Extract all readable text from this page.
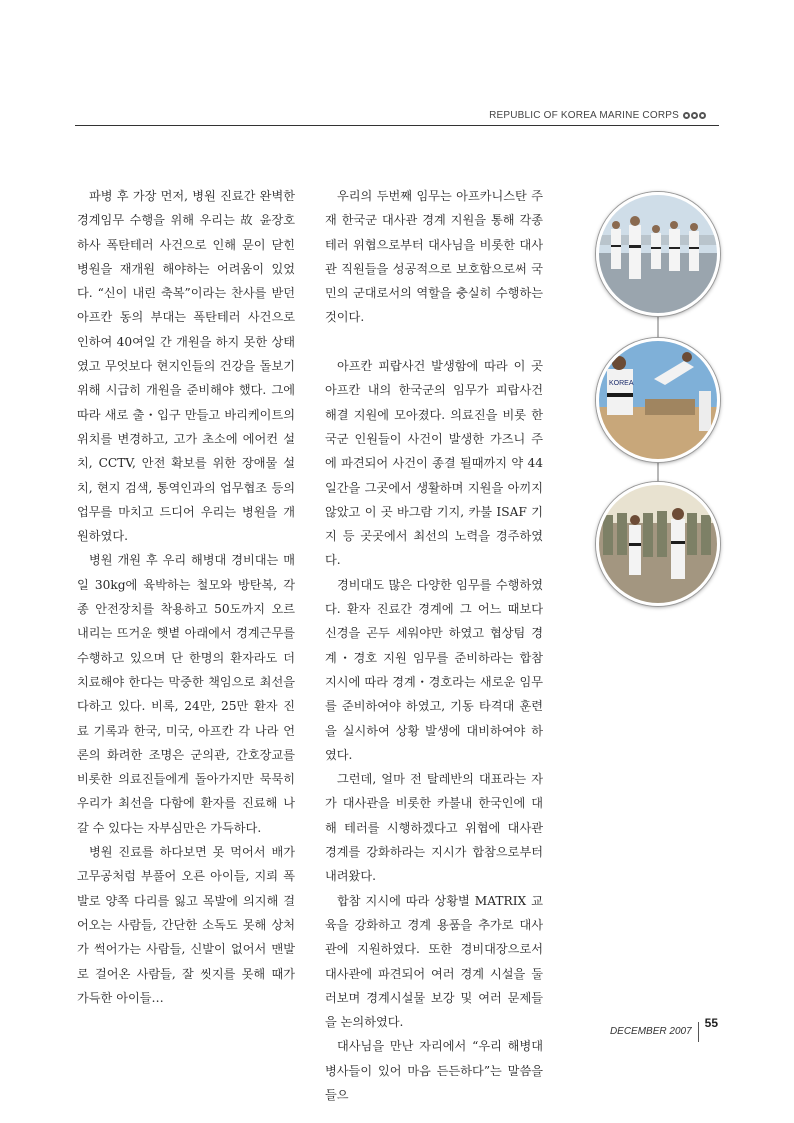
REPUBLIC OF KOREA MARINE CORPS

파병 후 가장 먼저, 병원 진료간 완벽한 경계임무 수행을 위해 우리는 故 윤장호 하사 폭탄테러 사건으로 인해 문이 닫힌 병원을 재개원 해야하는 어려움이 있었다. “신이 내린 축복”이라는 찬사를 받던 아프칸 동의 부대는 폭탄테러 사건으로 인하여 40여일 간 개원을 하지 못한 상태였고 무엇보다 현지인들의 건강을 돌보기 위해 시급히 개원을 준비해야 했다. 그에 따라 새로 출・입구 만들고 바리케이트의 위치를 변경하고, 고가 초소에 에어컨 설치, CCTV, 안전 확보를 위한 장애물 설치, 현지 검색, 통역인과의 업무협조 등의 업무를 마치고 드디어 우리는 병원을 개원하였다.

병원 개원 후 우리 해병대 경비대는 매일 30kg에 육박하는 철모와 방탄복, 각종 안전장치를 착용하고 50도까지 오르내리는 뜨거운 햇볕 아래에서 경계근무를 수행하고 있으며 단 한명의 환자라도 더 치료해야 한다는 막중한 책임으로 최선을 다하고 있다. 비록, 24만, 25만 환자 진료 기록과 한국, 미국, 아프칸 각 나라 언론의 화려한 조명은 군의관, 간호장교를 비롯한 의료진들에게 돌아가지만 묵묵히 우리가 최선을 다함에 환자를 진료해 나갈 수 있다는 자부심만은 가득하다.

병원 진료를 하다보면 못 먹어서 배가 고무공처럼 부풀어 오른 아이들, 지뢰 폭발로 양쪽 다리를 잃고 목발에 의지해 걸어오는 사람들, 간단한 소독도 못해 상처가 썩어가는 사람들, 신발이 없어서 맨발로 걸어온 사람들, 잘 씻지를 못해 때가 가득한 아이들…

우리의 두번째 임무는 아프카니스탄 주재 한국군 대사관 경계 지원을 통해 각종 테러 위협으로부터 대사님을 비롯한 대사관 직원들을 성공적으로 보호함으로써 국민의 군대로서의 역할을 충실히 수행하는 것이다.

아프칸 피랍사건 발생함에 따라 이 곳 아프칸 내의 한국군의 임무가 피랍사건 해결 지원에 모아졌다. 의료진을 비롯 한국군 인원들이 사건이 발생한 가즈니 주에 파견되어 사건이 종결 될때까지 약 44일간을 그곳에서 생활하며 지원을 아끼지 않았고 이 곳 바그람 기지, 카불 ISAF 기지 등 곳곳에서 최선의 노력을 경주하였다.

경비대도 많은 다양한 임무를 수행하였다. 환자 진료간 경계에 그 어느 때보다 신경을 곤두 세워야만 하였고 협상팀 경계・경호 지원 임무를 준비하라는 합참 지시에 따라 경계・경호라는 새로운 임무를 준비하여야 하였고, 기동 타격대 훈련을 실시하여 상황 발생에 대비하여야 하였다.

그런데, 얼마 전 탈레반의 대표라는 자가 대사관을 비롯한 카불내 한국인에 대해 테러를 시행하겠다고 위협에 대사관 경계를 강화하라는 지시가 합참으로부터 내려왔다.

합참 지시에 따라 상황별 MATRIX 교육을 강화하고 경계 용품을 추가로 대사관에 지원하였다. 또한 경비대장으로서 대사관에 파견되어 여러 경계 시설을 둘러보며 경계시설물 보강 및 여러 문제들을 논의하였다.

대사님을 만난 자리에서 “우리 해병대 병사들이 있어 마음 든든하다”는 말씀을 들으

KOREA
DECEMBER 2007
55
